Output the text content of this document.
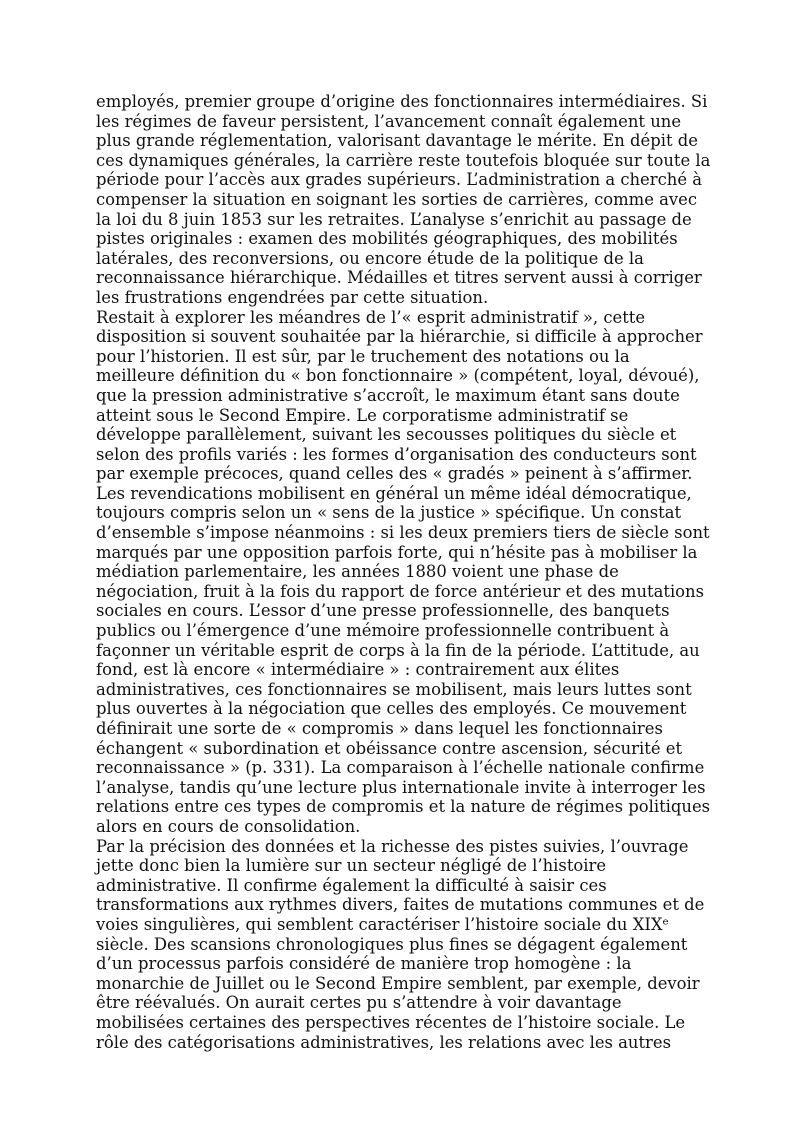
employés, premier groupe d’origine des fonctionnaires intermédiaires. Si
les régimes de faveur persistent, l’avancement connaît également une
plus grande réglementation, valorisant davantage le mérite. En dépit de
ces dynamiques générales, la carrière reste toutefois bloquée sur toute la
période pour l’accès aux grades supérieurs. L’administration a cherché à
compenser la situation en soignant les sorties de carrières, comme avec
la loi du 8 juin 1853 sur les retraites. L’analyse s’enrichit au passage de
pistes originales : examen des mobilités géographiques, des mobilités
latérales, des reconversions, ou encore étude de la politique de la
reconnaissance hiérarchique. Médailles et titres servent aussi à corriger
les frustrations engendrées par cette situation.

Restait à explorer les méandres de l’« esprit administratif », cette
disposition si souvent souhaitée par la hiérarchie, si difficile à approcher
pour l’historien. Il est sûr, par le truchement des notations ou la
meilleure définition du « bon fonctionnaire » (compétent, loyal, dévoué),
que la pression administrative s’accroît, le maximum étant sans doute
atteint sous le Second Empire. Le corporatisme administratif se
développe parallèlement, suivant les secousses politiques du siècle et
selon des profils variés : les formes d’organisation des conducteurs sont
par exemple précoces, quand celles des « gradés » peinent à s’affirmer.
Les revendications mobilisent en général un même idéal démocratique,
toujours compris selon un « sens de la justice » spécifique. Un constat
d’ensemble s’impose néanmoins : si les deux premiers tiers de siècle sont
marqués par une opposition parfois forte, qui n’hésite pas à mobiliser la
médiation parlementaire, les années 1880 voient une phase de
négociation, fruit à la fois du rapport de force antérieur et des mutations
sociales en cours. L’essor d’une presse professionnelle, des banquets
publics ou l’émergence d’une mémoire professionnelle contribuent à
façonner un véritable esprit de corps à la fin de la période. L’attitude, au
fond, est là encore « intermédiaire » : contrairement aux élites
administratives, ces fonctionnaires se mobilisent, mais leurs luttes sont
plus ouvertes à la négociation que celles des employés. Ce mouvement
définirait une sorte de « compromis » dans lequel les fonctionnaires
échangent « subordination et obéissance contre ascension, sécurité et
reconnaissance » (p. 331). La comparaison à l’échelle nationale confirme
l’analyse, tandis qu’une lecture plus internationale invite à interroger les
relations entre ces types de compromis et la nature de régimes politiques
alors en cours de consolidation.

Par la précision des données et la richesse des pistes suivies, l’ouvrage
jette donc bien la lumière sur un secteur négligé de l’histoire
administrative. Il confirme également la difficulté à saisir ces
transformations aux rythmes divers, faites de mutations communes et de
voies singulières, qui semblent caractériser l’histoire sociale du XIXᵉ
siècle. Des scansions chronologiques plus fines se dégagent également
d’un processus parfois considéré de manière trop homogène : la
monarchie de Juillet ou le Second Empire semblent, par exemple, devoir
être réévalués. On aurait certes pu s’attendre à voir davantage
mobilisées certaines des perspectives récentes de l’histoire sociale. Le
rôle des catégorisations administratives, les relations avec les autres
